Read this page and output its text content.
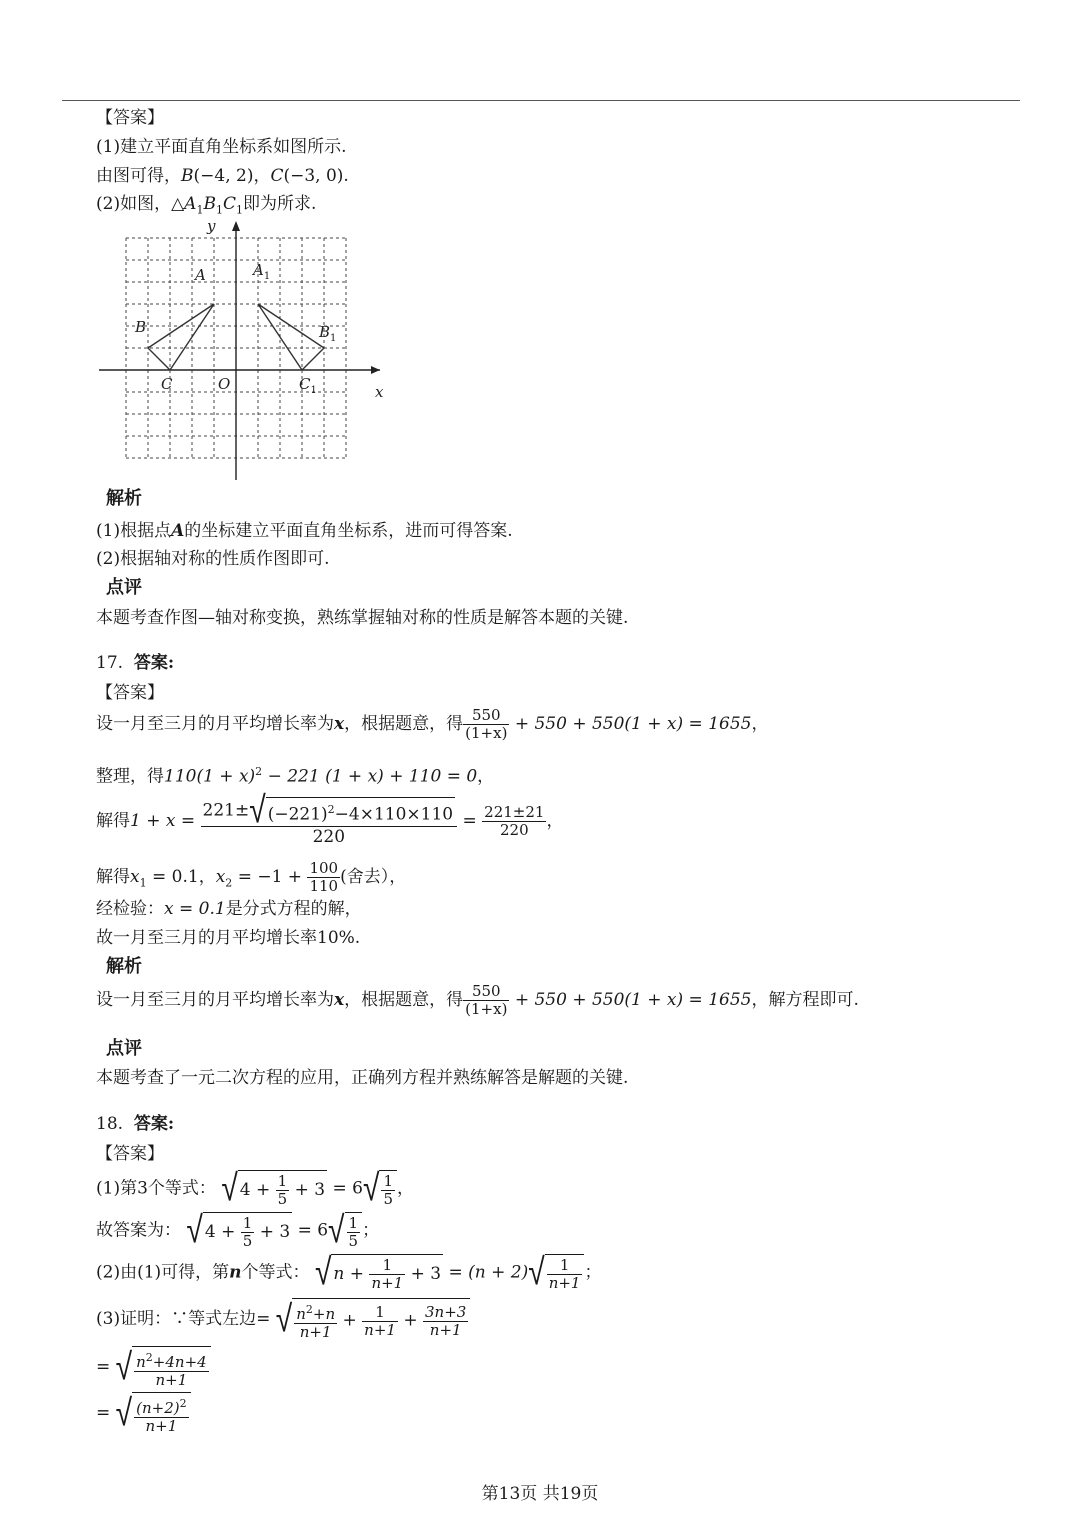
【答案】
(1)建立平面直角坐标系如图所示.
由图可得，B(−4, 2)，C(−3, 0).
(2)如图，$\triangle A_1B_1C_1$即为所求.
y
x
O
A
B
C
$A_1$
$B_1$
$C_1$
解析
(1)根据点A的坐标建立平面直角坐标系，进而可得答案.
(2)根据轴对称的性质作图即可.
点评
本题考查作图—轴对称变换，熟练掌握轴对称的性质是解答本题的关键.
17. 答案:
【答案】
设一月至三月的月平均增长率为x，根据题意，得 $\frac{550}{(1+x)} + 550 + 550(1 + x) = 1655$，
整理，得$110(1 + x)^2 - 221$ (1 + x) + 110 = 0，
解得$1 + x = \frac{221\pm√ (-221)^2-4\times 110\times 110}{220} = \frac{221\pm 21}{220}$ ，
解得$x_1 = 0.1$，$x_2 = -1 + \frac{100}{110}$ (舍去），
经检验：x = 0.1是分式方程的解，
故一月至三月的月平均增长率10%.
解析
设一月至三月的月平均增长率为x，根据题意，得 $\frac{550}{(1+x)} + 550 + 550(1 + x) = 1655$，解方程即可.
点评
本题考查了一元二次方程的应用，正确列方程并熟练解答是解题的关键.
18. 答案:
【答案】
(1)第3个等式： √ $4 + \frac{1}{5} + 3 = 6√ \frac{1}{5}$ ，
故答案为： √ $4 + \frac{1}{5} + 3 = 6√ \frac{1}{5}$ ；
(2)由(1)可得，第n个等式： √ $n + \frac{1}{n+1} + 3 = (n + 2)√ \frac{1}{n+1}$ ；
(3)证明：∵等式左边= √ $\frac{n^2+n}{n+1} + \frac{1}{n+1} + \frac{3n+3}{n+1}$
= √ $\frac{n^2+4n+4}{n+1}$
= √ $\frac{(n+2)^2}{n+1}$
第13页 共19页
